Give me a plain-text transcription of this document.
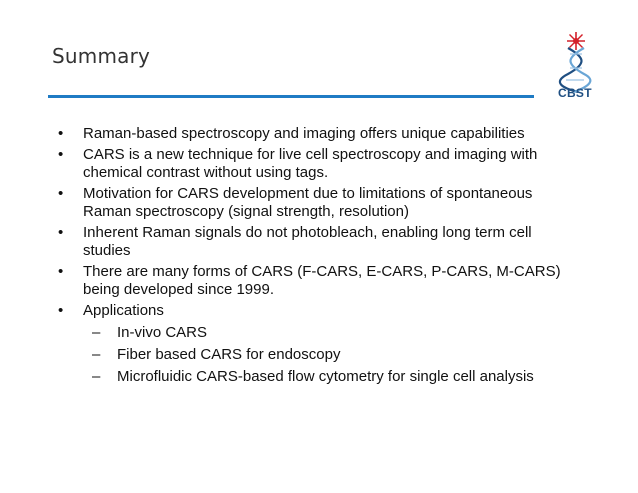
Summary
CBST
• Raman-based spectroscopy and imaging offers unique capabilities
• CARS is a new technique for live cell spectroscopy and imaging with chemical contrast without using tags.
• Motivation for CARS development due to limitations of spontaneous Raman spectroscopy (signal strength, resolution)
• Inherent Raman signals do not photobleach, enabling long term cell studies
• There are many forms of CARS (F-CARS, E-CARS, P-CARS, M-CARS) being developed since 1999.
• Applications
– In-vivo CARS
– Fiber based CARS for endoscopy
– Microfluidic CARS-based flow cytometry for single cell analysis
